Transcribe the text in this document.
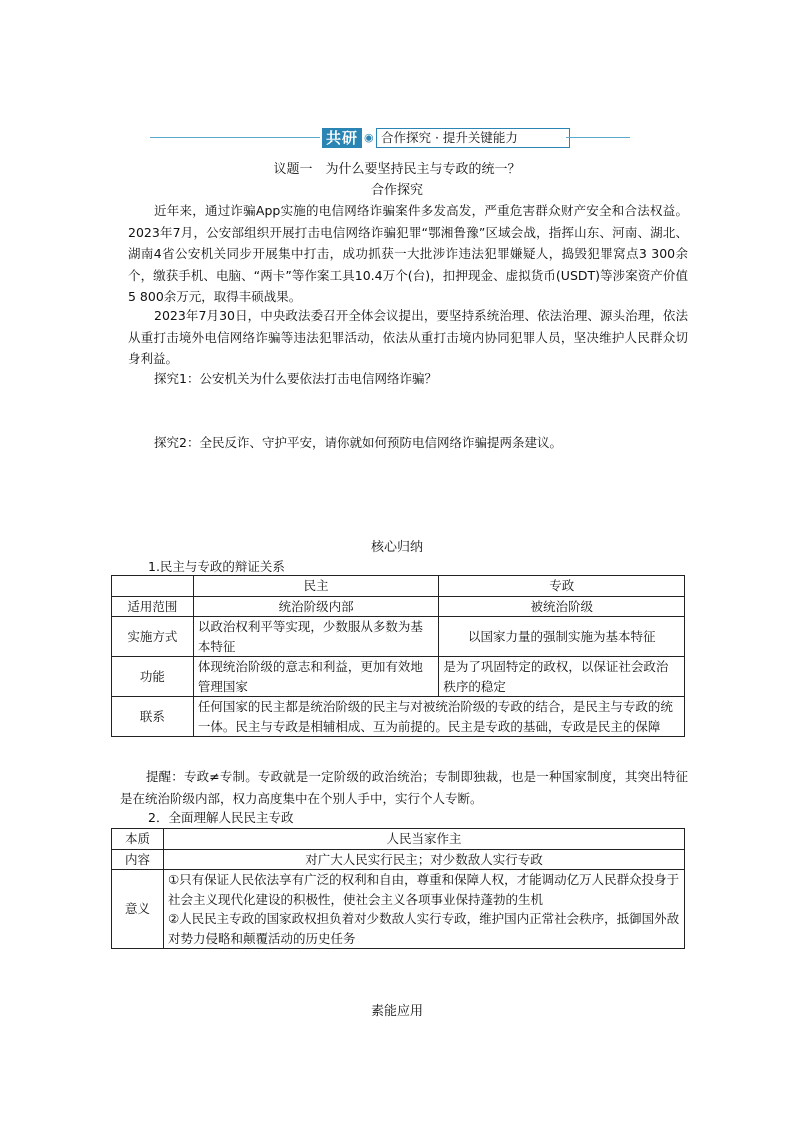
共研 ◉ 合作探究 · 提升关键能力
议题一　为什么要坚持民主与专政的统一？
合作探究
近年来，通过诈骗App实施的电信网络诈骗案件多发高发，严重危害群众财产安全和合法权益。2023年7月，公安部组织开展打击电信网络诈骗犯罪“鄂湘鲁豫”区域会战，指挥山东、河南、湖北、湖南4省公安机关同步开展集中打击，成功抓获一大批涉诈违法犯罪嫌疑人，捣毁犯罪窝点3 300余个，缴获手机、电脑、“两卡”等作案工具10.4万个(台)，扣押现金、虚拟货币(USDT)等涉案资产价值5 800余万元，取得丰硕战果。
2023年7月30日，中央政法委召开全体会议提出，要坚持系统治理、依法治理、源头治理，依法从重打击境外电信网络诈骗等违法犯罪活动，依法从重打击境内协同犯罪人员，坚决维护人民群众切身利益。
探究1：公安机关为什么要依法打击电信网络诈骗？
探究2：全民反诈、守护平安，请你就如何预防电信网络诈骗提两条建议。
核心归纳
1.民主与专政的辩证关系
	民主	专政
适用范围	统治阶级内部	被统治阶级
实施方式	以政治权利平等实现，少数服从多数为基本特征	以国家力量的强制实施为基本特征
功能	体现统治阶级的意志和利益，更加有效地管理国家	是为了巩固特定的政权，以保证社会政治秩序的稳定
联系	任何国家的民主都是统治阶级的民主与对被统治阶级的专政的结合，是民主与专政的统一体。民主与专政是相辅相成、互为前提的。民主是专政的基础，专政是民主的保障	
提醒：专政≠专制。专政就是一定阶级的政治统治；专制即独裁，也是一种国家制度，其突出特征是在统治阶级内部，权力高度集中在个别人手中，实行个人专断。
2．全面理解人民民主专政
本质	人民当家作主
内容	对广大人民实行民主；对少数敌人实行专政
意义	①只有保证人民依法享有广泛的权利和自由，尊重和保障人权，才能调动亿万人民群众投身于社会主义现代化建设的积极性，使社会主义各项事业保持蓬勃的生机
②人民民主专政的国家政权担负着对少数敌人实行专政，维护国内正常社会秩序，抵御国外敌对势力侵略和颠覆活动的历史任务
素能应用
